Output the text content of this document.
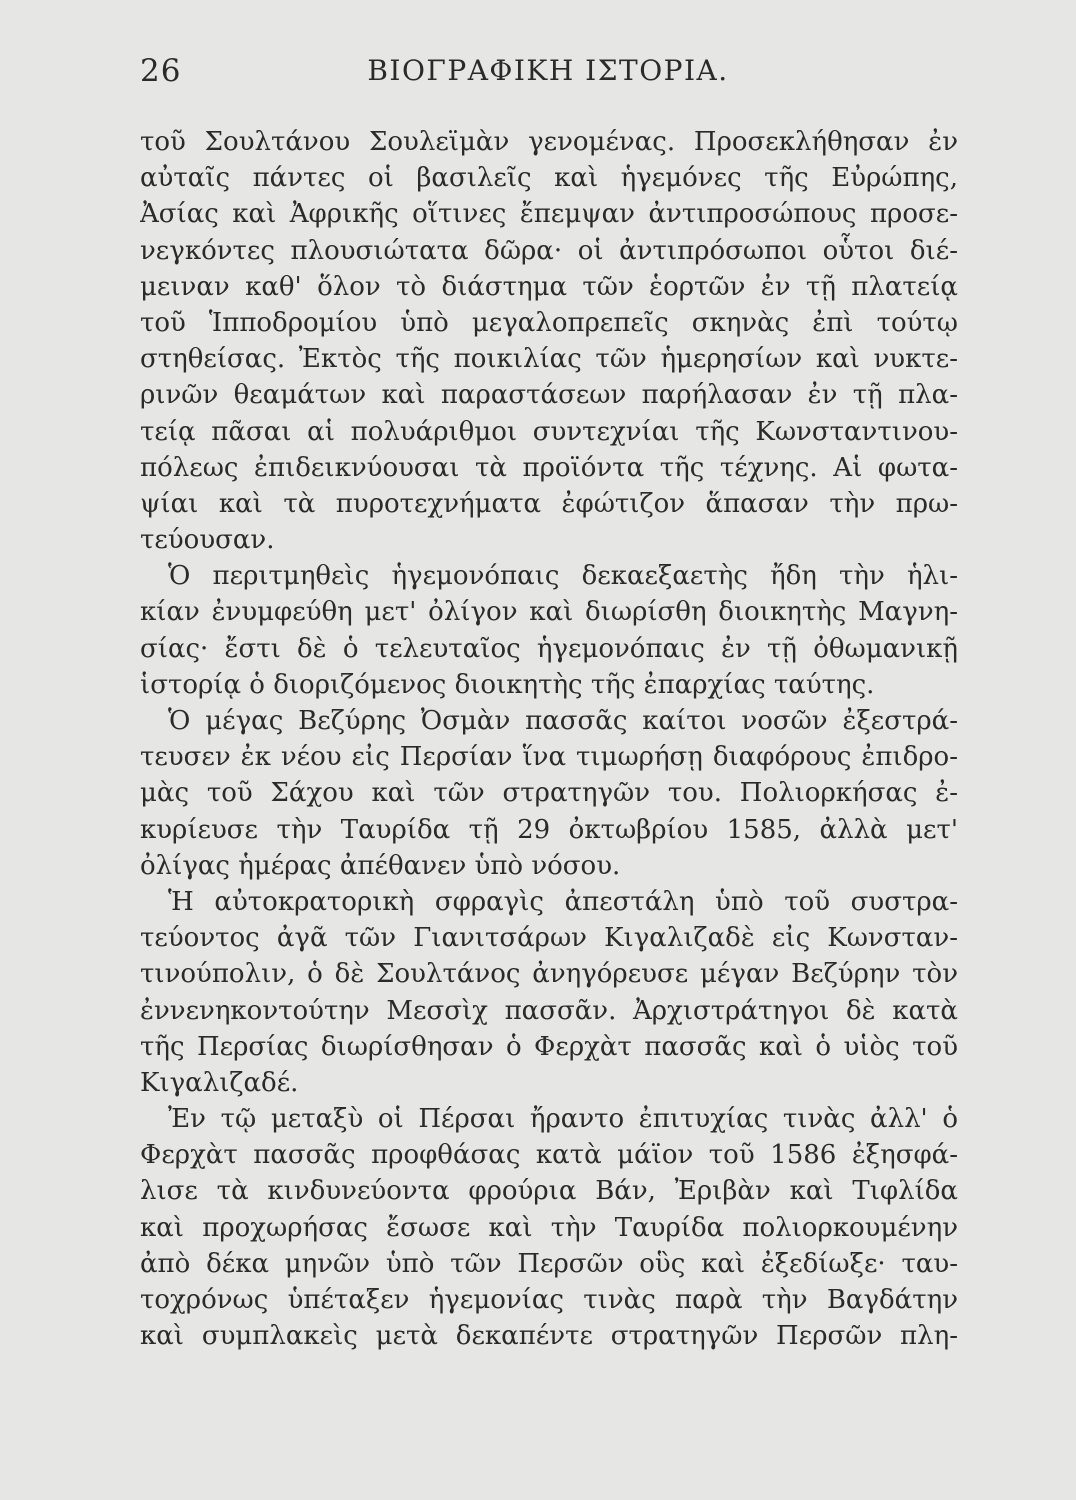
26	ΒΙΟΓΡΑΦΙΚΗ ΙΣΤΟΡΙΑ.
τοῦ Σουλτάνου Σουλεϊμὰν γενομένας. Προσεκλήθησαν ἐν
αὐταῖς πάντες οἱ βασιλεῖς καὶ ἡγεμόνες τῆς Εὐρώπης,
Ἀσίας καὶ Ἀφρικῆς οἵτινες ἔπεμψαν ἀντιπροσώπους προσε-
νεγκόντες πλουσιώτατα δῶρα· οἱ ἀντιπρόσωποι οὗτοι διέ-
μειναν καθ' ὅλον τὸ διάστημα τῶν ἑορτῶν ἐν τῇ πλατείᾳ
τοῦ Ἱπποδρομίου ὑπὸ μεγαλοπρεπεῖς σκηνὰς ἐπὶ τούτῳ
στηθείσας. Ἐκτὸς τῆς ποικιλίας τῶν ἡμερησίων καὶ νυκτε-
ρινῶν θεαμάτων καὶ παραστάσεων παρήλασαν ἐν τῇ πλα-
τείᾳ πᾶσαι αἱ πολυάριθμοι συντεχνίαι τῆς Κωνσταντινου-
πόλεως ἐπιδεικνύουσαι τὰ προϊόντα τῆς τέχνης. Αἱ φωτα-
ψίαι καὶ τὰ πυροτεχνήματα ἐφώτιζον ἅπασαν τὴν πρω-
τεύουσαν.
Ὁ περιτμηθεὶς ἡγεμονόπαις δεκαεξαετὴς ἤδη τὴν ἡλι-
κίαν ἐνυμφεύθη μετ' ὀλίγον καὶ διωρίσθη διοικητὴς Μαγνη-
σίας· ἔστι δὲ ὁ τελευταῖος ἡγεμονόπαις ἐν τῇ ὀθωμανικῇ
ἱστορίᾳ ὁ διοριζόμενος διοικητὴς τῆς ἐπαρχίας ταύτης.
Ὁ μέγας Βεζύρης Ὀσμὰν πασσᾶς καίτοι νοσῶν ἐξεστρά-
τευσεν ἐκ νέου εἰς Περσίαν ἵνα τιμωρήσῃ διαφόρους ἐπιδρο-
μὰς τοῦ Σάχου καὶ τῶν στρατηγῶν του. Πολιορκήσας ἐ-
κυρίευσε τὴν Ταυρίδα τῇ 29 ὀκτωβρίου 1585, ἀλλὰ μετ'
ὀλίγας ἡμέρας ἀπέθανεν ὑπὸ νόσου.
Ἡ αὐτοκρατορικὴ σφραγὶς ἀπεστάλη ὑπὸ τοῦ συστρα-
τεύοντος ἀγᾶ τῶν Γιανιτσάρων Κιγαλιζαδὲ εἰς Κωνσταν-
τινούπολιν, ὁ δὲ Σουλτάνος ἀνηγόρευσε μέγαν Βεζύρην τὸν
ἐννενηκοντούτην Μεσσὶχ πασσᾶν. Ἀρχιστράτηγοι δὲ κατὰ
τῆς Περσίας διωρίσθησαν ὁ Φερχὰτ πασσᾶς καὶ ὁ υἱὸς τοῦ
Κιγαλιζαδέ.
Ἐν τῷ μεταξὺ οἱ Πέρσαι ἤραντο ἐπιτυχίας τινὰς ἀλλ' ὁ
Φερχὰτ πασσᾶς προφθάσας κατὰ μάϊον τοῦ 1586 ἐξησφά-
λισε τὰ κινδυνεύοντα φρούρια Βάν, Ἐριβὰν καὶ Τιφλίδα
καὶ προχωρήσας ἔσωσε καὶ τὴν Ταυρίδα πολιορκουμένην
ἀπὸ δέκα μηνῶν ὑπὸ τῶν Περσῶν οὓς καὶ ἐξεδίωξε· ταυ-
τοχρόνως ὑπέταξεν ἡγεμονίας τινὰς παρὰ τὴν Βαγδάτην
καὶ συμπλακεὶς μετὰ δεκαπέντε στρατηγῶν Περσῶν πλη-
